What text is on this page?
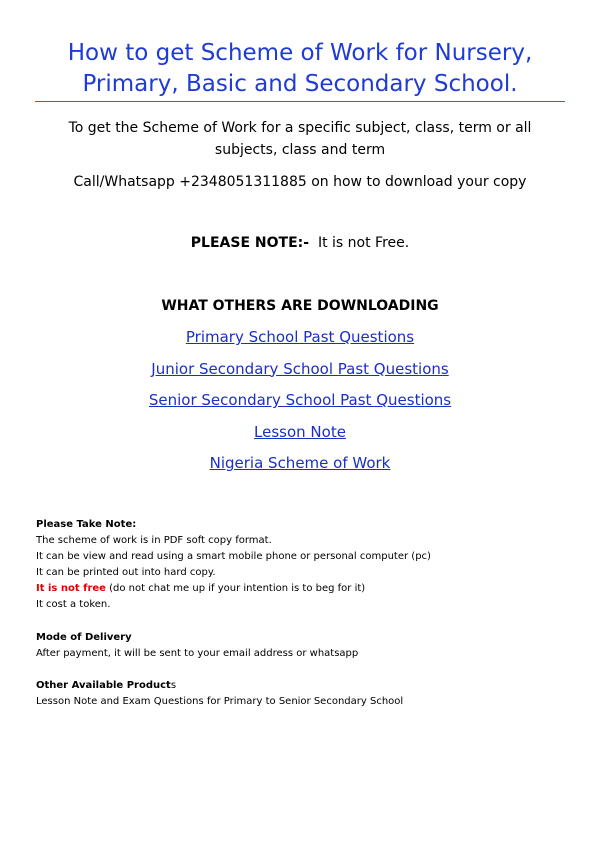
How to get Scheme of Work for Nursery,
Primary, Basic and Secondary School.
To get the Scheme of Work for a specific subject, class, term or all
subjects, class and term
Call/Whatsapp +2348051311885 on how to download your copy
PLEASE NOTE:- It is not Free.
WHAT OTHERS ARE DOWNLOADING
Primary School Past Questions
Junior Secondary School Past Questions
Senior Secondary School Past Questions
Lesson Note
Nigeria Scheme of Work
Please Take Note:
The scheme of work is in PDF soft copy format.
It can be view and read using a smart mobile phone or personal computer (pc)
It can be printed out into hard copy.
It is not free (do not chat me up if your intention is to beg for it)
It cost a token.
Mode of Delivery
After payment, it will be sent to your email address or whatsapp
Other Available Products
Lesson Note and Exam Questions for Primary to Senior Secondary School
